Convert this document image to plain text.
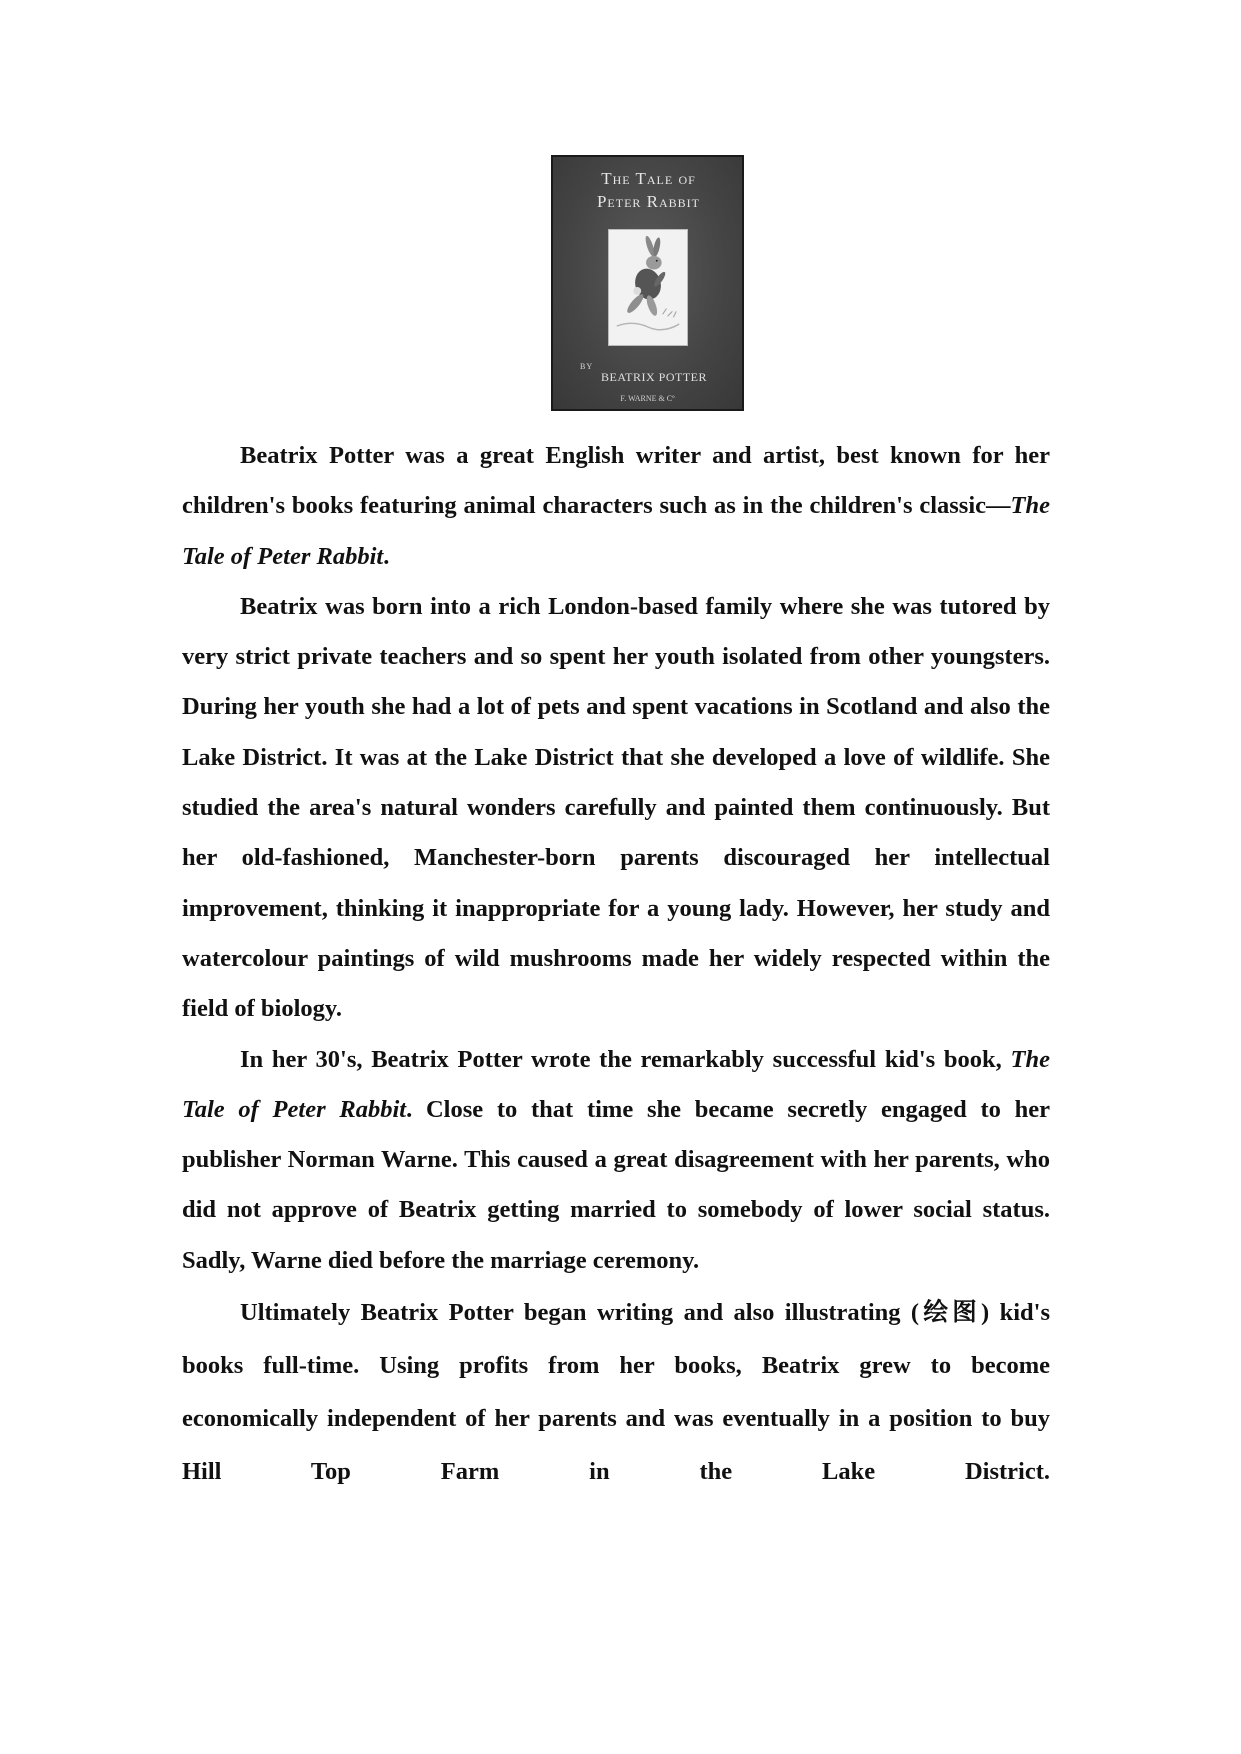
The Tale of
Peter Rabbit
BY
BEATRIX POTTER
F. WARNE & Cº

Beatrix Potter was a great English writer and artist, best known for her children's books featuring animal characters such as in the children's classic—The Tale of Peter Rabbit.

Beatrix was born into a rich London-based family where she was tutored by very strict private teachers and so spent her youth isolated from other youngsters. During her youth she had a lot of pets and spent vacations in Scotland and also the Lake District. It was at the Lake District that she developed a love of wildlife. She studied the area's natural wonders carefully and painted them continuously. But her old-fashioned, Manchester-born parents discouraged her intellectual improvement, thinking it inappropriate for a young lady. However, her study and watercolour paintings of wild mushrooms made her widely respected within the field of biology.

In her 30's, Beatrix Potter wrote the remarkably successful kid's book, The Tale of Peter Rabbit. Close to that time she became secretly engaged to her publisher Norman Warne. This caused a great disagreement with her parents, who did not approve of Beatrix getting married to somebody of lower social status. Sadly, Warne died before the marriage ceremony.

Ultimately Beatrix Potter began writing and also illustrating (绘图) kid's books full-time. Using profits from her books, Beatrix grew to become economically independent of her parents and was eventually in a position to buy Hill Top Farm in the Lake District.
